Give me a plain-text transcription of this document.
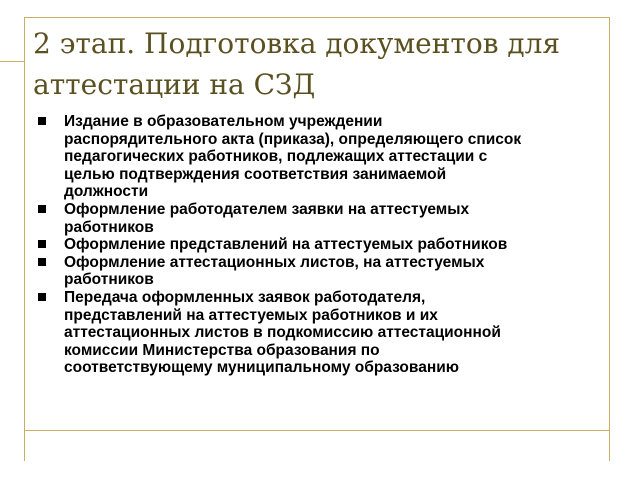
2 этап. Подготовка документов для
аттестации на СЗД
Издание в образовательном учреждении
распорядительного акта (приказа), определяющего список
педагогических работников, подлежащих аттестации с
целью подтверждения соответствия занимаемой
должности
Оформление работодателем заявки на аттестуемых
работников
Оформление представлений на аттестуемых работников
Оформление аттестационных листов, на аттестуемых
работников
Передача оформленных заявок работодателя,
представлений на аттестуемых работников и их
аттестационных листов в подкомиссию аттестационной
комиссии Министерства образования по
соответствующему муниципальному образованию
